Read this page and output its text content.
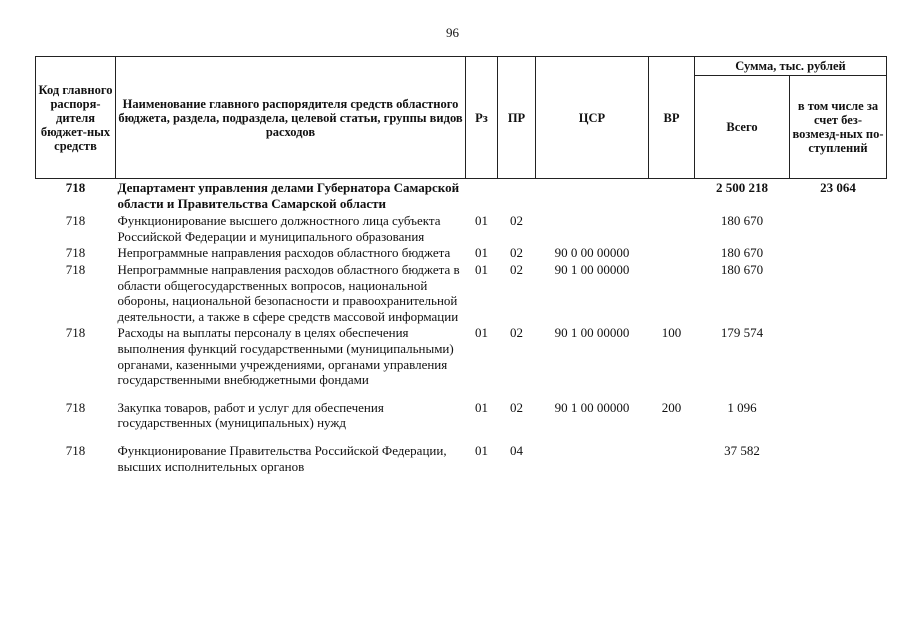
96
Код главного распоря-дителя бюджет-ных средств	Наименование главного распорядителя средств областного бюджета, раздела, подраздела, целевой статьи, группы видов расходов	Рз	ПР	ЦСР	ВР	Сумма, тыс. рублей	
						Всего	в том числе за счет без-возмезд-ных по-ступлений
718	Департамент управления делами Губернатора Самарской области и Правительства Самарской области					2 500 218	23 064
718	Функционирование высшего должностного лица субъекта Российской Федерации и муниципального образования	01	02			180 670	
718	Непрограммные направления расходов областного бюджета	01	02	90 0 00 00000		180 670	
718	Непрограммные направления расходов областного бюджета в области общегосударственных вопросов, национальной обороны, национальной безопасности и правоохранительной деятельности, а также в сфере средств массовой информации	01	02	90 1 00 00000		180 670	
718	Расходы на выплаты персоналу в целях обеспечения выполнения функций государственными (муниципальными) органами, казенными учреждениями, органами управления государственными внебюджетными фондами	01	02	90 1 00 00000	100	179 574	
718	Закупка товаров, работ и услуг для обеспечения государственных (муниципальных) нужд	01	02	90 1 00 00000	200	1 096	
718	Функционирование Правительства Российской Федерации, высших исполнительных органов	01	04			37 582	
